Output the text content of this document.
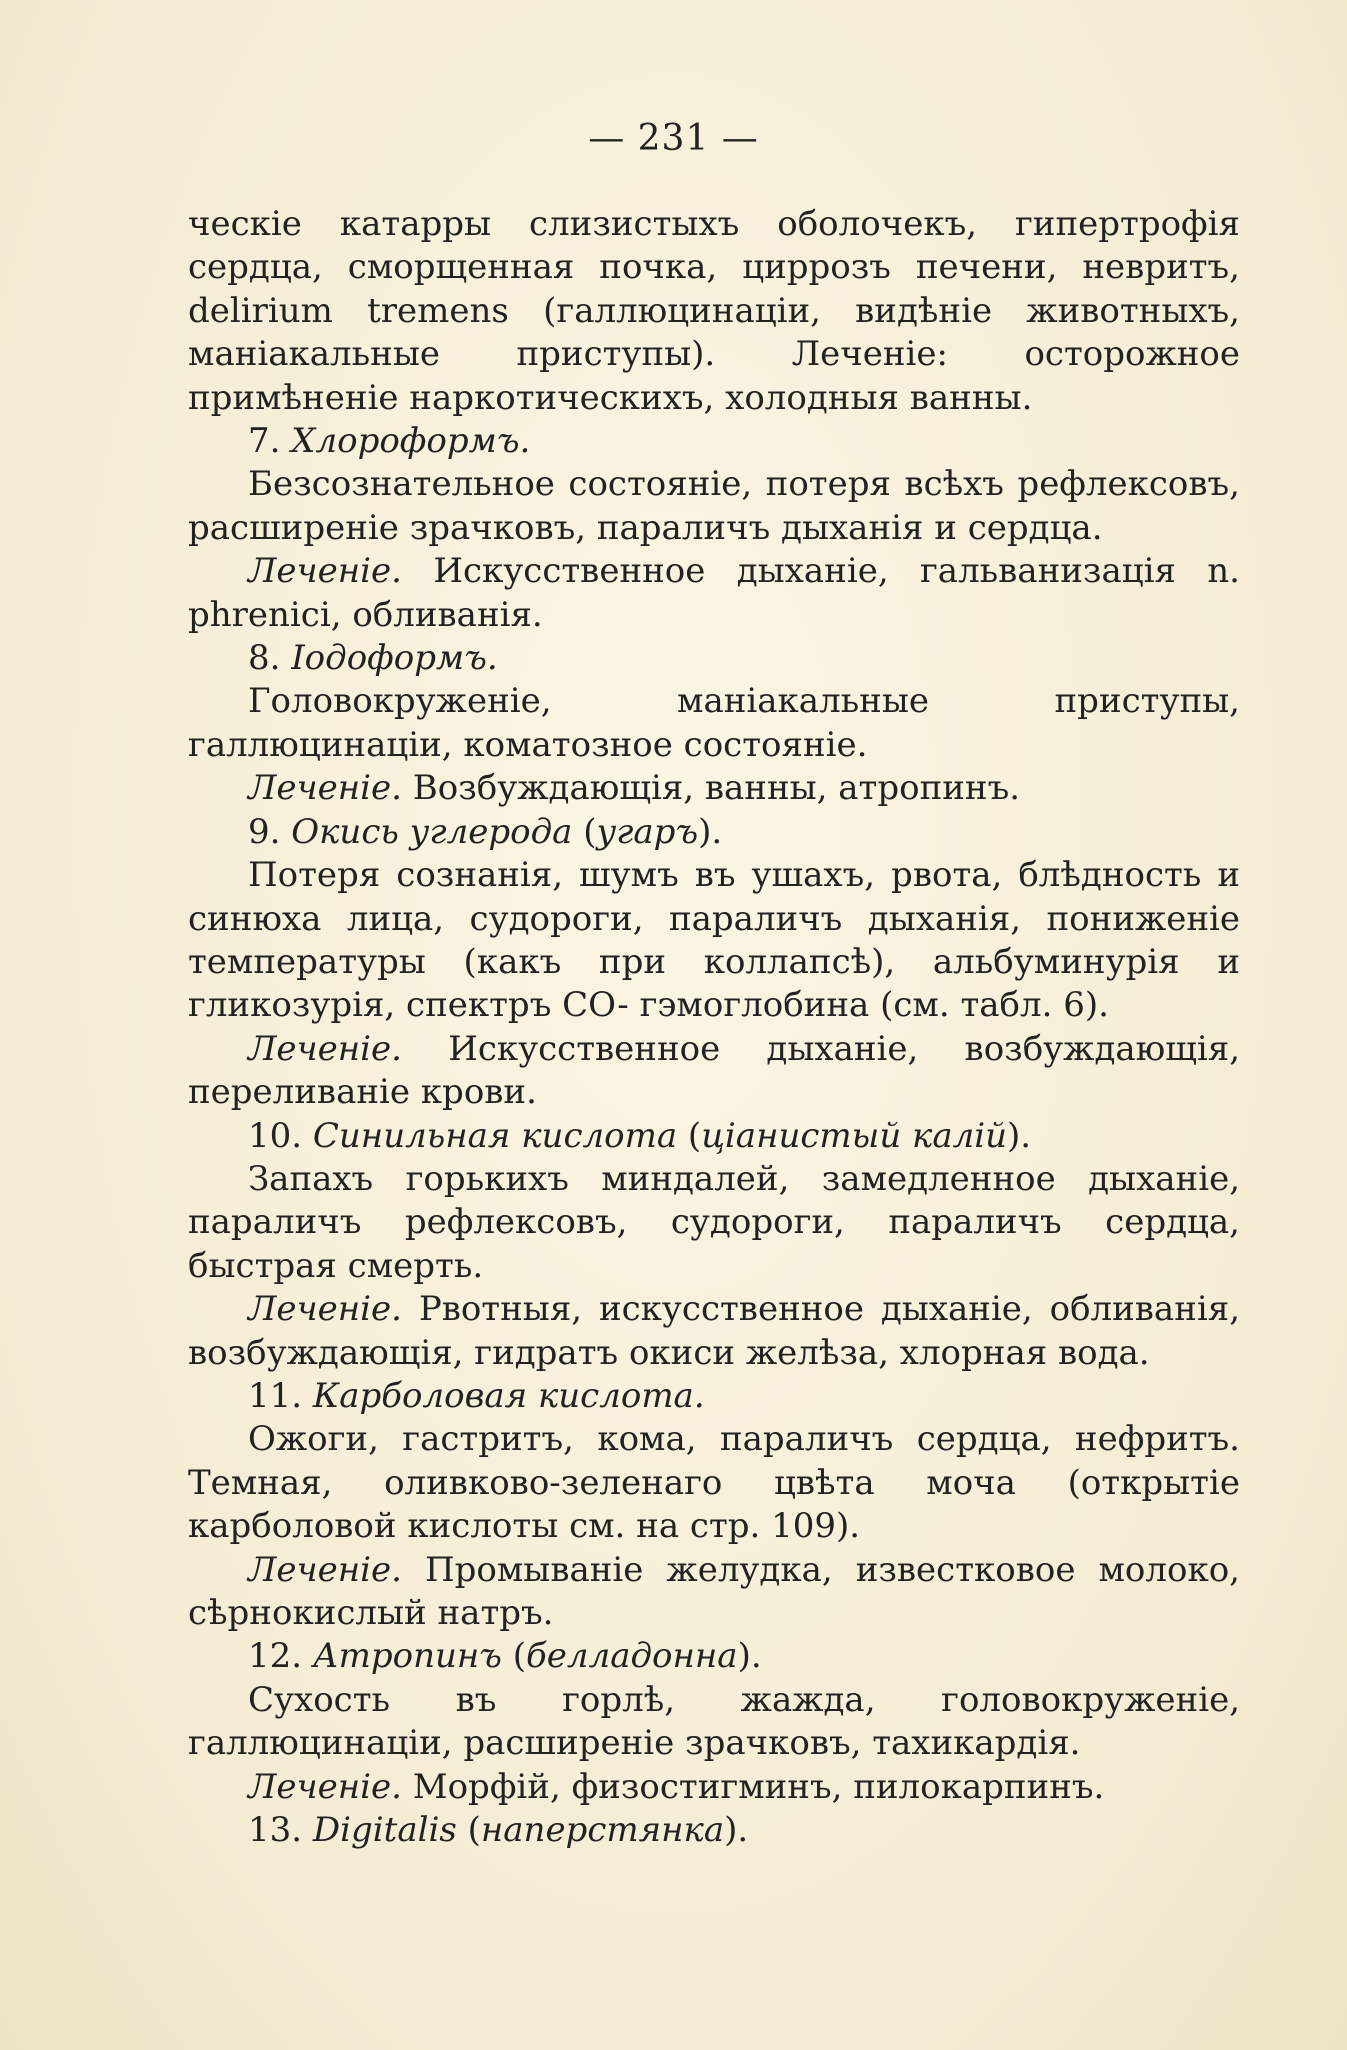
— 231 —

ческіе катарры слизистыхъ оболочекъ, гипертрофія сердца, сморщенная почка, циррозъ печени, невритъ, delirium tremens (галлюцинаціи, видѣніе животныхъ, маніакальные приступы). Леченіе: осторожное примѣненіе наркотическихъ, холодныя ванны.

7. Хлороформъ.

Безсознательное состояніе, потеря всѣхъ рефлексовъ, расширеніе зрачковъ, параличъ дыханія и сердца.

Леченіе. Искусственное дыханіе, гальванизація n. phrenici, обливанія.

8. Іодоформъ.

Головокруженіе, маніакальные приступы, галлюцинаціи, коматозное состояніе.

Леченіе. Возбуждающія, ванны, атропинъ.

9. Окись углерода (угаръ).

Потеря сознанія, шумъ въ ушахъ, рвота, блѣдность и синюха лица, судороги, параличъ дыханія, пониженіе температуры (какъ при коллапсѣ), альбуминурія и гликозурія, спектръ CO- гэмоглобина (см. табл. 6).

Леченіе. Искусственное дыханіе, возбуждающія, переливаніе крови.

10. Синильная кислота (ціанистый калій).

Запахъ горькихъ миндалей, замедленное дыханіе, параличъ рефлексовъ, судороги, параличъ сердца, быстрая смерть.

Леченіе. Рвотныя, искусственное дыханіе, обливанія, возбуждающія, гидратъ окиси желѣза, хлорная вода.

11. Карболовая кислота.

Ожоги, гастритъ, кома, параличъ сердца, нефритъ. Темная, оливково-зеленаго цвѣта моча (открытіе карболовой кислоты см. на стр. 109).

Леченіе. Промываніе желудка, известковое молоко, сѣрнокислый натръ.

12. Атропинъ (белладонна).

Сухость въ горлѣ, жажда, головокруженіе, галлюцинаціи, расширеніе зрачковъ, тахикардія.

Леченіе. Морфій, физостигминъ, пилокарпинъ.

13. Digitalis (наперстянка).
